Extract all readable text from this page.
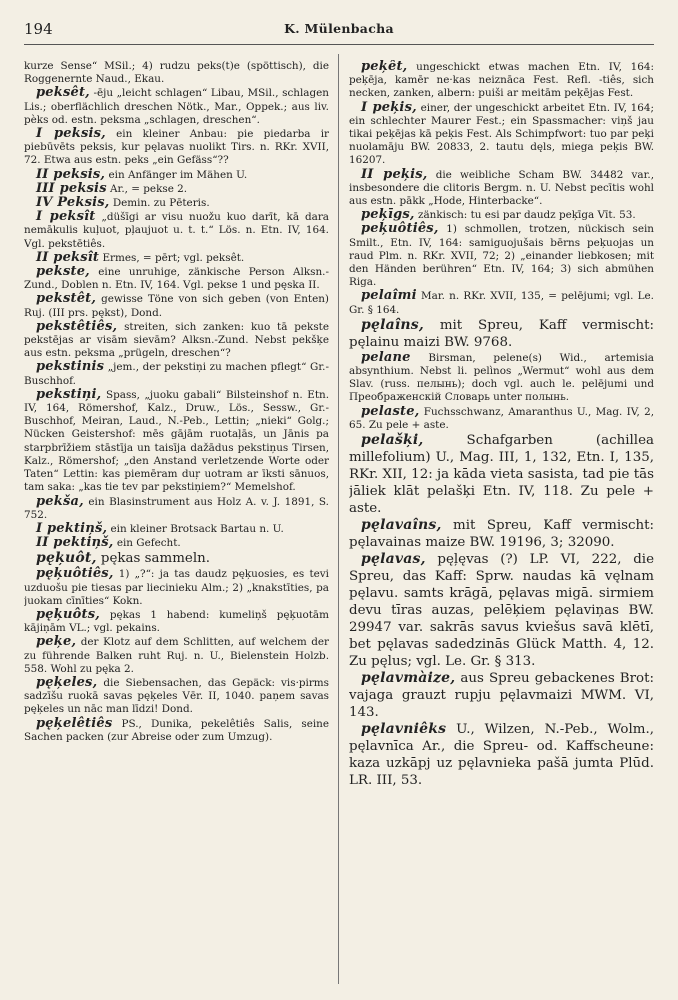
194	K. Mülenbacha

kurze Sense“ MSil.; 4) rudzu peks(t)e (spöttisch), die Roggenernte Naud., Ekau.

peksêt, -ēju „leicht schlagen“ Libau, MSil., schlagen Lis.; oberflächlich dreschen Nötk., Mar., Oppek.; aus liv. pèks od. estn. peksma „schlagen, dreschen“.

I peksis, ein kleiner Anbau: pie piedarba ir piebūvēts peksis, kur pęlavas nuolikt Tirs. n. RKr. XVII, 72. Etwa aus estn. peks „ein Gefäss“??

II peksis, ein Anfänger im Mähen U.

III peksis Ar., = pekse 2.

IV Peksis, Demin. zu Pēteris.

I peksît „düšīgi ar visu nuožu kuo darīt, kā dara nemākulis kuļuot, pļaujuot u. t. t.“ Lös. n. Etn. IV, 164. Vgl. pekstētiês.

II peksît Ermes, = pērt; vgl. peksêt.

pekste, eine unruhige, zänkische Person Alksn.-Zund., Doblen n. Etn. IV, 164. Vgl. pekse 1 und pęska II.

pekstêt, gewisse Töne von sich geben (von Enten) Ruj. (III prs. pękst), Dond.

pekstêtiês, streiten, sich zanken: kuo tā pekste pekstējas ar visām sievām? Alksn.-Zund. Nebst pekšķe aus estn. peksma „prügeln, dreschen“?

pekstinis „jem., der pekstiņi zu machen pflegt“ Gr.-Buschhof.

pekstiņi, Spass, „juoku gabali“ Bilsteinshof n. Etn. IV, 164, Römershof, Kalz., Druw., Lös., Sessw., Gr.-Buschhof, Meiran, Laud., N.-Peb., Lettin; „nieki“ Golg.; Nücken Geistershof: mēs gājām ruotaļās, un Jānis pa starpbrīžiem stāstīja un taisīja dažādus pekstiņus Tirsen, Kalz., Römershof; „den Anstand verletzende Worte oder Taten“ Lettin: kas piemēram duŗ uotram ar īksti sānuos, tam saka: „kas tie tev par pekstiņiem?“ Memelshof.

pekša, ein Blasinstrument aus Holz A. v. J. 1891, S. 752.

I pektiņš, ein kleiner Brotsack Bartau n. U.

II pektiņš, ein Gefecht.

pęķuôt, pękas sammeln.

pęķuôtiês, 1) „?“: ja tas daudz pęķuosies, es tevi uzduošu pie tiesas par liecinieku Alm.; 2) „knakstīties, pa juokam cīnīties“ Kokn.

pęķuôts, pękas 1 habend: kumeliņš pęķuotām kājiņām VL.; vgl. pekains.

peķe, der Klotz auf dem Schlitten, auf welchem der zu führende Balken ruht Ruj. n. U., Bielenstein Holzb. 558. Wohl zu pęka 2.

pęķeles, die Siebensachen, das Gepäck: vis·pirms sadzīšu ruokā savas pęķeles Vēr. II, 1040. paņem savas pęķeles un nāc man līdzi! Dond.

pęķelêtiês PS., Dunika, pekelêtiês Salis, seine Sachen packen (zur Abreise oder zum Umzug).

peķêt, ungeschickt etwas machen Etn. IV, 164: peķēja, kamēr ne·kas neiznāca Fest. Refl. -tiês, sich necken, zanken, albern: puiši ar meitām peķējas Fest.

I peķis, einer, der ungeschickt arbeitet Etn. IV, 164; ein schlechter Maurer Fest.; ein Spassmacher: viņš jau tikai peķējas kā peķis Fest. Als Schimpfwort: tuo par peķi nuolamāju BW. 20833, 2. tautu dęls, miega peķis BW. 16207.

II peķis, die weibliche Scham BW. 34482 var., insbesondere die clitoris Bergm. n. U. Nebst pecītis wohl aus estn. pākk „Hode, Hinterbacke“.

peķīgs, zänkisch: tu esi par daudz peķīga Vīt. 53.

peķuôtiês, 1) schmollen, trotzen, nückisch sein Smilt., Etn. IV, 164: samiguojušais bērns peķuojas un raud Plm. n. RKr. XVII, 72; 2) „einander liebkosen; mit den Händen berühren“ Etn. IV, 164; 3) sich abmühen Riga.

pelaîmi Mar. n. RKr. XVII, 135, = pelējumi; vgl. Le. Gr. § 164.

pęlaîns, mit Spreu, Kaff vermischt: pęlainu maizi BW. 9768.

pelane Birsman, pelene(s) Wid., artemisia absynthium. Nebst li. pelìnos „Wermut“ wohl aus dem Slav. (russ. пелынь); doch vgl. auch le. pelējumi und Преображенскій Словарь unter полынь.

pelaste, Fuchsschwanz, Amaranthus U., Mag. IV, 2, 65. Zu pele + aste.

pelašķi,	Schafgarben (achillea millefolium) U., Mag. III, 1, 132, Etn. I, 135, RKr. XII, 12: ja kāda vieta sasista, tad pie tās jāliek klāt pelašķi Etn. IV, 118. Zu pele + aste.

pęlavaîns, mit Spreu, Kaff vermischt: pęlavainas maize BW. 19196, 3; 32090.

pęlavas, pęļęvas (?) LP. VI, 222, die Spreu, das Kaff: Sprw. naudas kā vęlnam pęlavu. samts krāgā, pęlavas migā. sirmiem devu tīras auzas, pelēķiem pęlaviņas BW. 29947 var. sakrās savus kviešus savā klētī, bet pęlavas sadedzinās Glück Matth. 4, 12. Zu pęlus; vgl. Le. Gr. § 313.

pęlavmàize, aus Spreu gebackenes Brot: vajaga grauzt rupju pęlavmaizi MWM. VI, 143.

pęlavniêks U., Wilzen, N.-Peb., Wolm., pęlavnīca Ar., die Spreu- od. Kaffscheune: kaza uzkāpj uz pęlavnieka pašā jumta Plūd. LR. III, 53.
